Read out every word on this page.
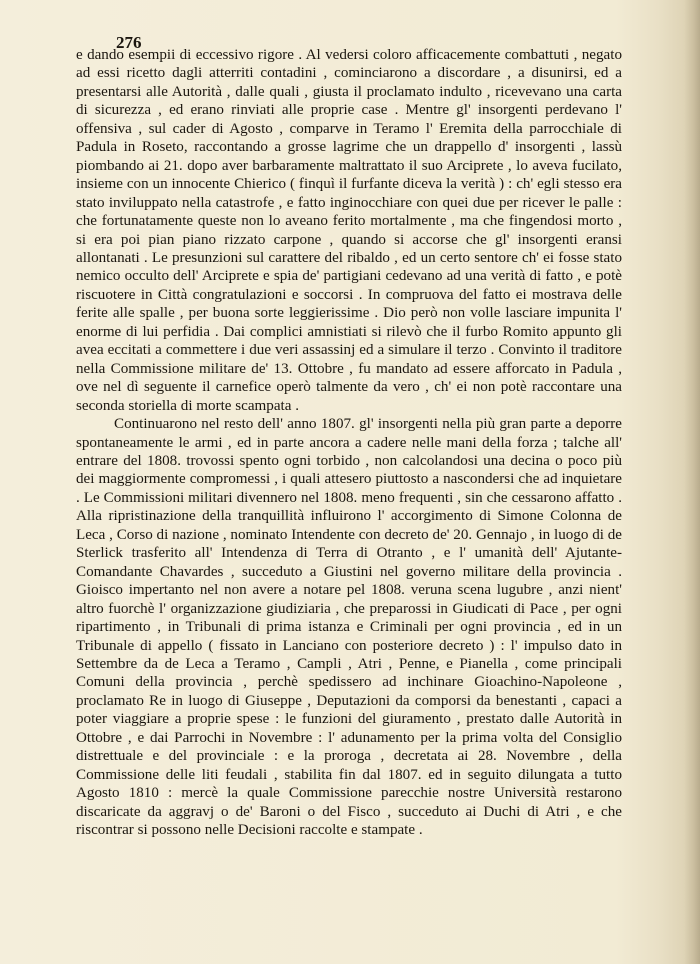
276

e dando esempii di eccessivo rigore . Al vedersi coloro afficacemente combattuti , negato ad essi ricetto dagli atterriti contadini , cominciarono a discordare , a disunirsi, ed a presentarsi alle Autorità , dalle quali , giusta il proclamato indulto , ricevevano una carta di sicurezza , ed erano rinviati alle proprie case . Mentre gl' insorgenti perdevano l' offensiva , sul cader di Agosto , comparve in Teramo l' Eremita della parrocchiale di Padula in Roseto, raccontando a grosse lagrime che un drappello d' insorgenti , lassù piombando ai 21. dopo aver barbaramente maltrattato il suo Arciprete , lo aveva fucilato, insieme con un innocente Chierico ( finquì il furfante diceva la verità ) : ch' egli stesso era stato inviluppato nella catastrofe , e fatto inginocchiare con quei due per ricever le palle : che fortunatamente queste non lo aveano ferito mortalmente , ma che fingendosi morto , si era poi pian piano rizzato carpone , quando si accorse che gl' insorgenti eransi allontanati . Le presunzioni sul carattere del ribaldo , ed un certo sentore ch' ei fosse stato nemico occulto dell' Arciprete e spia de' partigiani cedevano ad una verità di fatto , e potè riscuotere in Città congratulazioni e soccorsi . In compruova del fatto ei mostrava delle ferite alle spalle , per buona sorte leggierissime . Dio però non volle lasciare impunita l' enorme di lui perfidia . Dai complici amnistiati si rilevò che il furbo Romito appunto gli avea eccitati a commettere i due veri assassinj ed a simulare il terzo . Convinto il traditore nella Commissione militare de' 13. Ottobre , fu mandato ad essere afforcato in Padula , ove nel dì seguente il carnefice operò talmente da vero , ch' ei non potè raccontare una seconda storiella di morte scampata .

Continuarono nel resto dell' anno 1807. gl' insorgenti nella più gran parte a deporre spontaneamente le armi , ed in parte ancora a cadere nelle mani della forza ; talche all' entrare del 1808. trovossi spento ogni torbido , non calcolandosi una decina o poco più dei maggiormente compromessi , i quali attesero piuttosto a nascondersi che ad inquietare . Le Commissioni militari divennero nel 1808. meno frequenti , sin che cessarono affatto . Alla ripristinazione della tranquillità influirono l' accorgimento di Simone Colonna de Leca , Corso di nazione , nominato Intendente con decreto de' 20. Gennajo , in luogo di de Sterlick trasferito all' Intendenza di Terra di Otranto , e l' umanità dell' Ajutante-Comandante Chavardes , succeduto a Giustini nel governo militare della provincia . Gioisco impertanto nel non avere a notare pel 1808. veruna scena lugubre , anzi nient' altro fuorchè l' organizzazione giudiziaria , che preparossi in Giudicati di Pace , per ogni ripartimento , in Tribunali di prima istanza e Criminali per ogni provincia , ed in un Tribunale di appello ( fissato in Lanciano con posteriore decreto ) : l' impulso dato in Settembre da de Leca a Teramo , Campli , Atri , Penne, e Pianella , come principali Comuni della provincia , perchè spedissero ad inchinare Gioachino-Napoleone , proclamato Re in luogo di Giuseppe , Deputazioni da comporsi da benestanti , capaci a poter viaggiare a proprie spese : le funzioni del giuramento , prestato dalle Autorità in Ottobre , e dai Parrochi in Novembre : l' adunamento per la prima volta del Consiglio distrettuale e del provinciale : e la proroga , decretata ai 28. Novembre , della Commissione delle liti feudali , stabilita fin dal 1807. ed in seguito dilungata a tutto Agosto 1810 : mercè la quale Commissione parecchie nostre Università restarono discaricate da aggravj o de' Baroni o del Fisco , succeduto ai Duchi di Atri , e che riscontrar si possono nelle Decisioni raccolte e stampate .
